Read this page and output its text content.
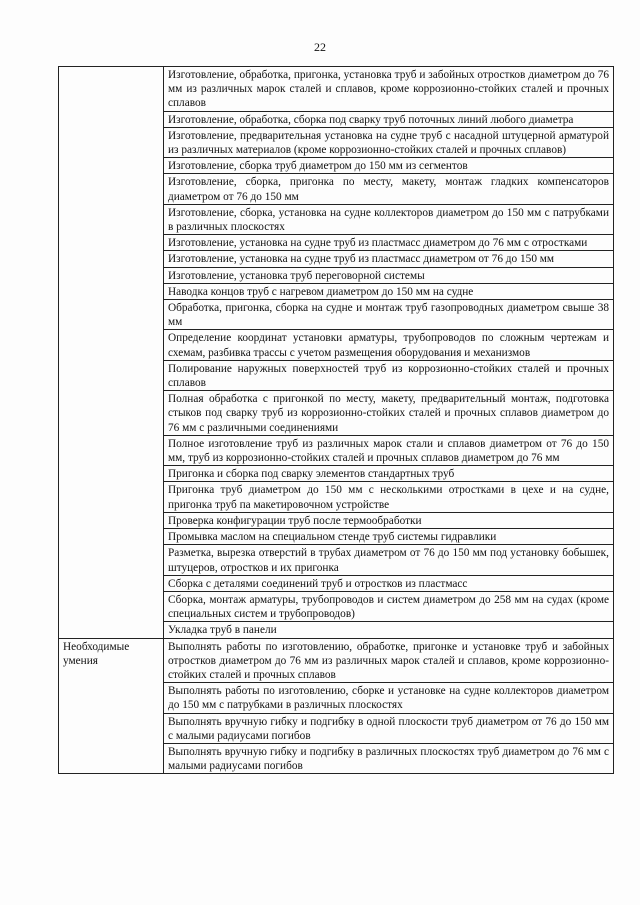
22
	Изготовление, обработка, пригонка, установка труб и забойных отростков диаметром до 76 мм из различных марок сталей и сплавов, кроме коррозионно-стойких сталей и прочных сплавов
	Изготовление, обработка, сборка под сварку труб поточных линий любого диаметра
	Изготовление, предварительная установка на судне труб с насадной штуцерной арматурой из различных материалов (кроме коррозионно-стойких сталей и прочных сплавов)
	Изготовление, сборка труб диаметром до 150 мм из сегментов
	Изготовление, сборка, пригонка по месту, макету, монтаж гладких компенсаторов диаметром от 76 до 150 мм
	Изготовление, сборка, установка на судне коллекторов диаметром до 150 мм с патрубками в различных плоскостях
	Изготовление, установка на судне труб из пластмасс диаметром до 76 мм с отростками
	Изготовление, установка на судне труб из пластмасс диаметром от 76 до 150 мм
	Изготовление, установка труб переговорной системы
	Наводка концов труб с нагревом диаметром до 150 мм на судне
	Обработка, пригонка, сборка на судне и монтаж труб газопроводных диаметром свыше 38 мм
	Определение координат установки арматуры, трубопроводов по сложным чертежам и схемам, разбивка трассы с учетом размещения оборудования и механизмов
	Полирование наружных поверхностей труб из коррозионно-стойких сталей и прочных сплавов
	Полная обработка с пригонкой по месту, макету, предварительный монтаж, подготовка стыков под сварку труб из коррозионно-стойких сталей и прочных сплавов диаметром до 76 мм с различными соединениями
	Полное изготовление труб из различных марок стали и сплавов диаметром от 76 до 150 мм, труб из коррозионно-стойких сталей и прочных сплавов диаметром до 76 мм
	Пригонка и сборка под сварку элементов стандартных труб
	Пригонка труб диаметром до 150 мм с несколькими отростками в цехе и на судне, пригонка труб па макетировочном устройстве
	Проверка конфигурации труб после термообработки
	Промывка маслом на специальном стенде труб системы гидравлики
	Разметка, вырезка отверстий в трубах диаметром от 76 до 150 мм под установку бобышек, штуцеров, отростков и их пригонка
	Сборка с деталями соединений труб и отростков из пластмасс
	Сборка, монтаж арматуры, трубопроводов и систем диаметром до 258 мм на судах (кроме специальных систем и трубопроводов)
	Укладка труб в панели
Необходимые умения	Выполнять работы по изготовлению, обработке, пригонке и установке труб и забойных отростков диаметром до 76 мм из различных марок сталей и сплавов, кроме коррозионно-стойких сталей и прочных сплавов
	Выполнять работы по изготовлению, сборке и установке на судне коллекторов диаметром до 150 мм с патрубками в различных плоскостях
	Выполнять вручную гибку и подгибку в одной плоскости труб диаметром от 76 до 150 мм с малыми радиусами погибов
	Выполнять вручную гибку и подгибку в различных плоскостях труб диаметром до 76 мм с малыми радиусами погибов
